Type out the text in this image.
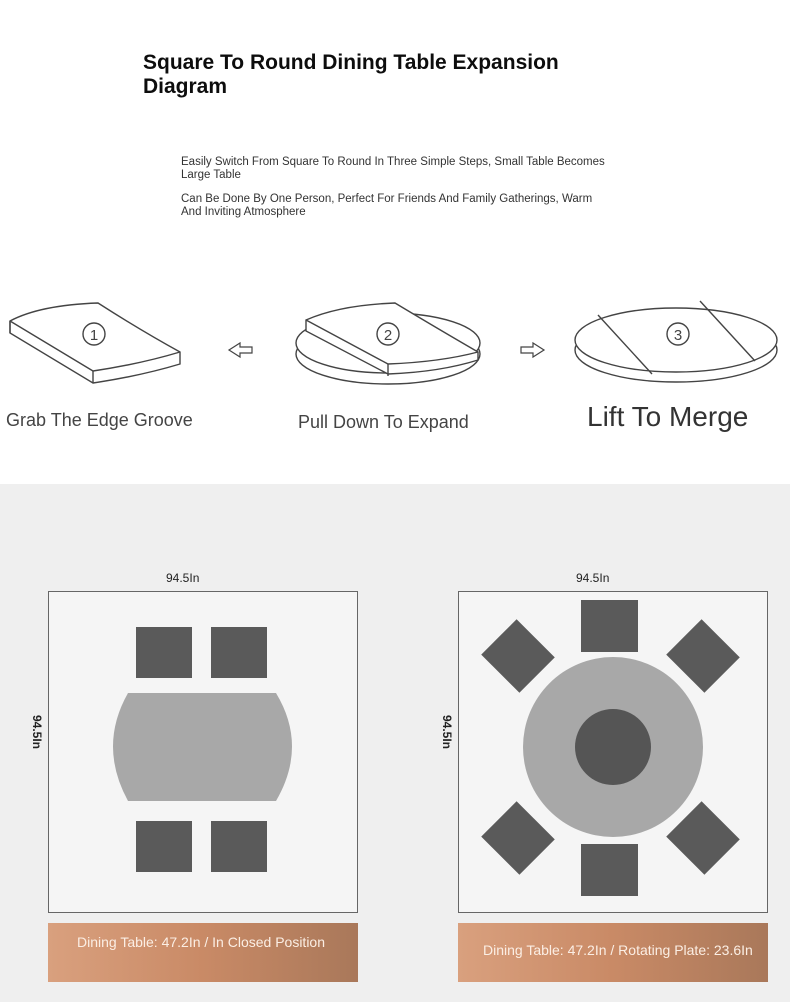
Square To Round Dining Table Expansion Diagram
Easily Switch From Square To Round In Three Simple Steps, Small Table Becomes Large Table
Can Be Done By One Person, Perfect For Friends And Family Gatherings, Warm And Inviting Atmosphere
1	2	3
Grab The Edge Groove	Pull Down To Expand	Lift To Merge
94.5In	94.5In
94.5In	94.5In
Dining Table: 47.2In / In Closed Position	Dining Table: 47.2In / Rotating Plate: 23.6In
